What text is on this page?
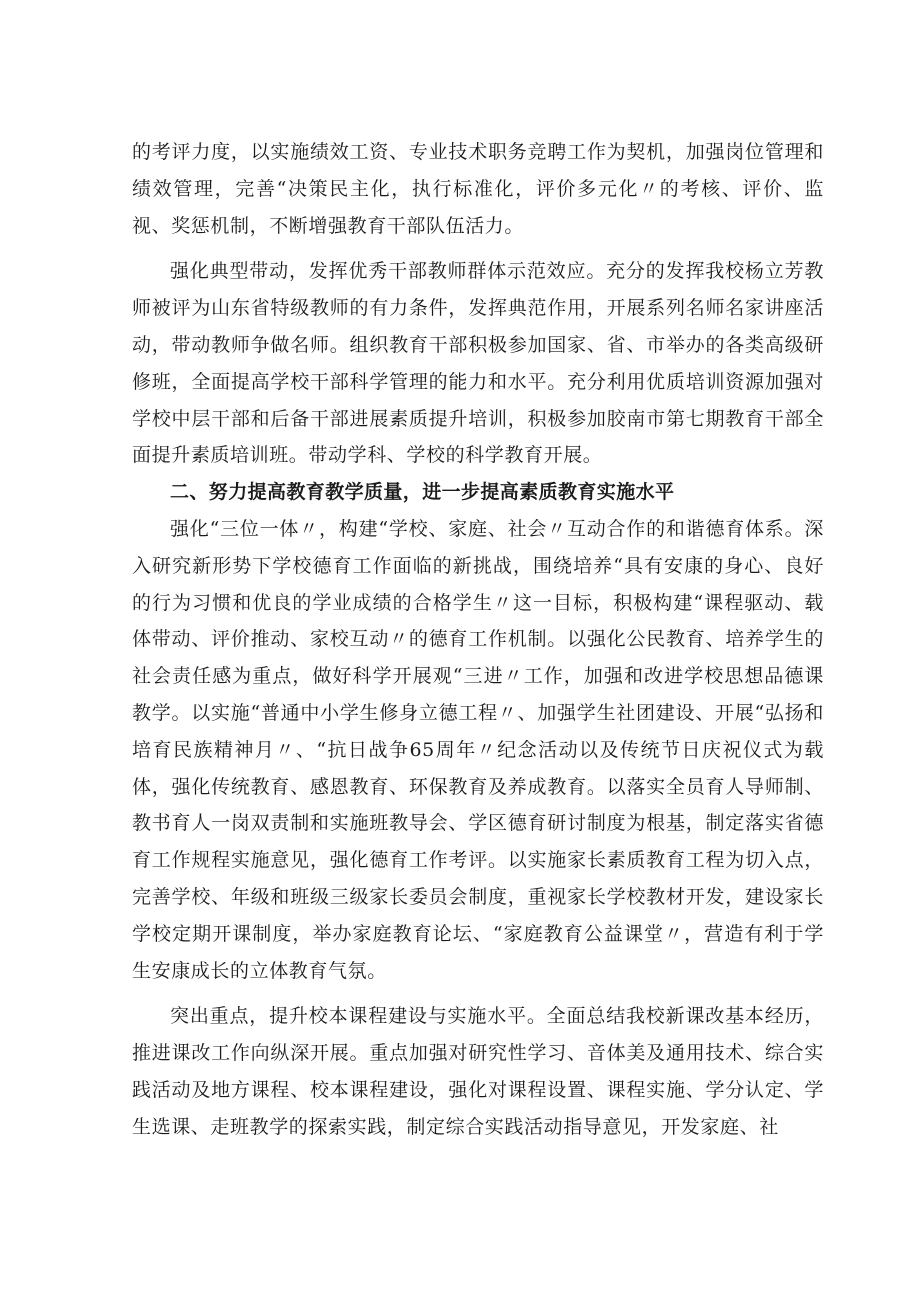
的考评力度，以实施绩效工资、专业技术职务竞聘工作为契机，加强岗位管理和绩效管理，完善“决策民主化，执行标准化，评价多元化〃的考核、评价、监视、奖惩机制，不断增强教育干部队伍活力。

强化典型带动，发挥优秀干部教师群体示范效应。充分的发挥我校杨立芳教师被评为山东省特级教师的有力条件，发挥典范作用，开展系列名师名家讲座活动，带动教师争做名师。组织教育干部积极参加国家、省、市举办的各类高级研修班，全面提高学校干部科学管理的能力和水平。充分利用优质培训资源加强对学校中层干部和后备干部进展素质提升培训，积极参加胶南市第七期教育干部全面提升素质培训班。带动学科、学校的科学教育开展。

二、努力提高教育教学质量，进一步提高素质教育实施水平

强化“三位一体〃，构建“学校、家庭、社会〃互动合作的和谐德育体系。深入研究新形势下学校德育工作面临的新挑战，围绕培养“具有安康的身心、良好的行为习惯和优良的学业成绩的合格学生〃这一目标，积极构建“课程驱动、载体带动、评价推动、家校互动〃的德育工作机制。以强化公民教育、培养学生的社会责任感为重点，做好科学开展观“三进〃工作，加强和改进学校思想品德课教学。以实施“普通中小学生修身立德工程〃、加强学生社团建设、开展“弘扬和培育民族精神月〃、“抗日战争65周年〃纪念活动以及传统节日庆祝仪式为载体，强化传统教育、感恩教育、环保教育及养成教育。以落实全员育人导师制、教书育人一岗双责制和实施班教导会、学区德育研讨制度为根基，制定落实省德育工作规程实施意见，强化德育工作考评。以实施家长素质教育工程为切入点，完善学校、年级和班级三级家长委员会制度，重视家长学校教材开发，建设家长学校定期开课制度，举办家庭教育论坛、“家庭教育公益课堂〃，营造有利于学生安康成长的立体教育气氛。

突出重点，提升校本课程建设与实施水平。全面总结我校新课改基本经历，推进课改工作向纵深开展。重点加强对研究性学习、音体美及通用技术、综合实践活动及地方课程、校本课程建设，强化对课程设置、课程实施、学分认定、学生选课、走班教学的探索实践，制定综合实践活动指导意见，开发家庭、社
